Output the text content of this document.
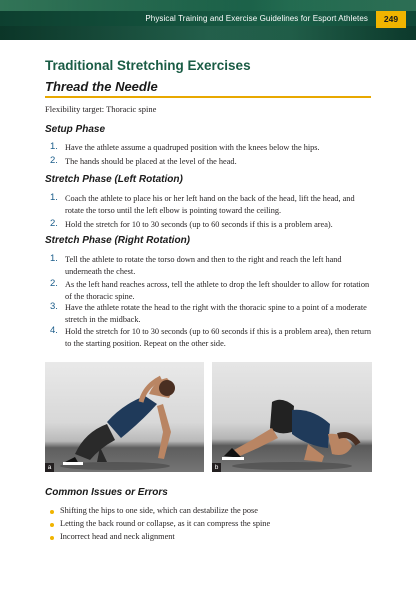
Physical Training and Exercise Guidelines for Esport Athletes	249
Traditional Stretching Exercises
Thread the Needle

Flexibility target: Thoracic spine

Setup Phase
1. Have the athlete assume a quadruped position with the knees below the hips.
2. The hands should be placed at the level of the head.
Stretch Phase (Left Rotation)
1. Coach the athlete to place his or her left hand on the back of the head, lift the head, and rotate the torso until the left elbow is pointing toward the ceiling.
2. Hold the stretch for 10 to 30 seconds (up to 60 seconds if this is a problem area).
Stretch Phase (Right Rotation)
1. Tell the athlete to rotate the torso down and then to the right and reach the left hand underneath the chest.
2. As the left hand reaches across, tell the athlete to drop the left shoulder to allow for rotation of the thoracic spine.
3. Have the athlete rotate the head to the right with the thoracic spine to a point of a moderate stretch in the midback.
4. Hold the stretch for 10 to 30 seconds (up to 60 seconds if this is a problem area), then return to the starting position. Repeat on the other side.
a	b
Common Issues or Errors
Shifting the hips to one side, which can destabilize the pose
Letting the back round or collapse, as it can compress the spine
Incorrect head and neck alignment
